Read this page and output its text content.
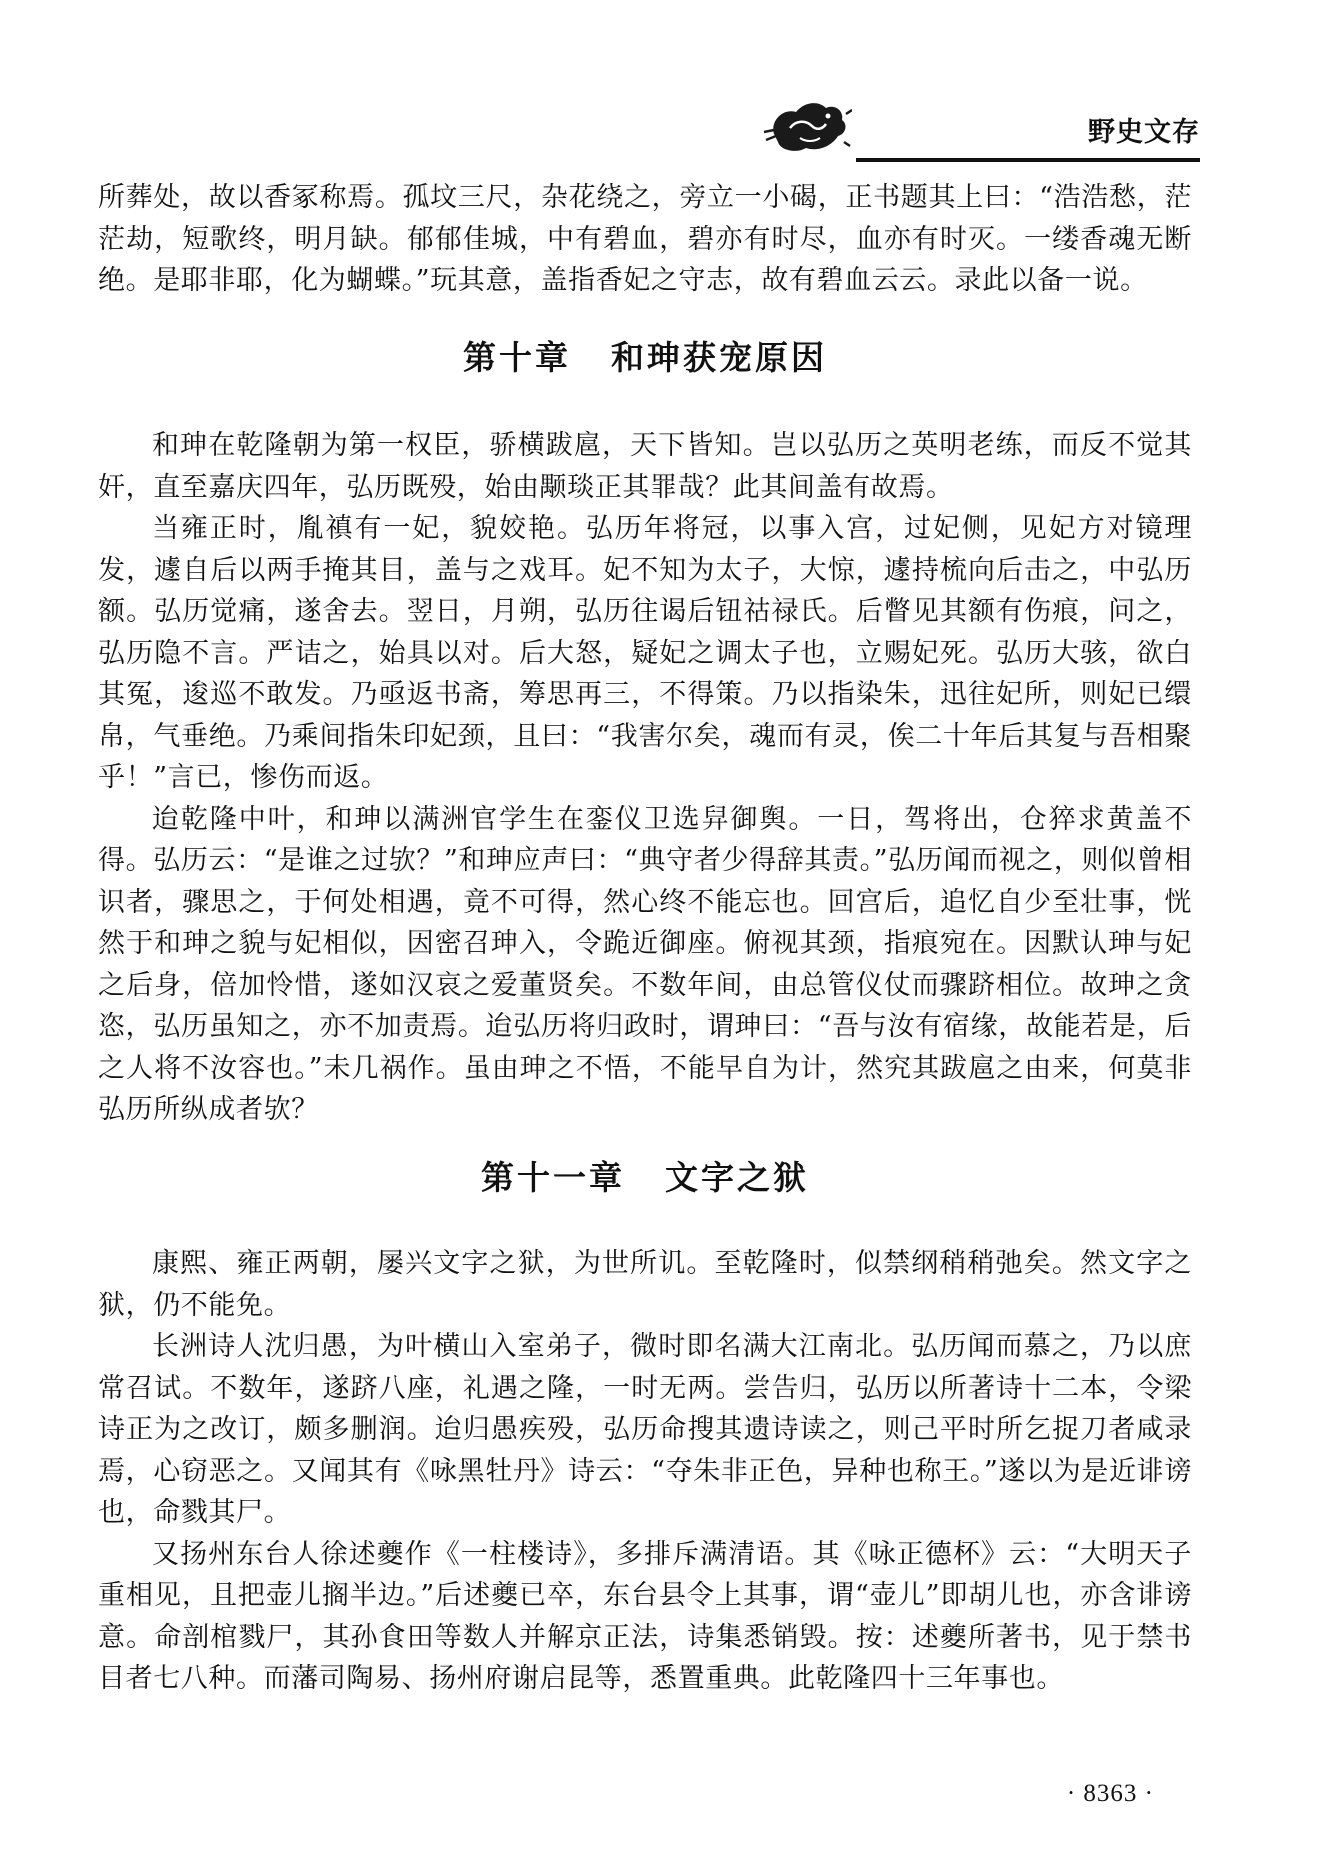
野史文存

所葬处，故以香冢称焉。孤坟三尺，杂花绕之，旁立一小碣，正书题其上曰：“浩浩愁，茫茫劫，短歌终，明月缺。郁郁佳城，中有碧血，碧亦有时尽，血亦有时灭。一缕香魂无断绝。是耶非耶，化为蝴蝶。”玩其意，盖指香妃之守志，故有碧血云云。录此以备一说。

第十章 和珅获宠原因

和珅在乾隆朝为第一权臣，骄横跋扈，天下皆知。岂以弘历之英明老练，而反不觉其奸，直至嘉庆四年，弘历既殁，始由颙琰正其罪哉？此其间盖有故焉。

当雍正时，胤禛有一妃，貌姣艳。弘历年将冠，以事入宫，过妃侧，见妃方对镜理发，遽自后以两手掩其目，盖与之戏耳。妃不知为太子，大惊，遽持梳向后击之，中弘历额。弘历觉痛，遂舍去。翌日，月朔，弘历往谒后钮祜禄氏。后瞥见其额有伤痕，问之，弘历隐不言。严诘之，始具以对。后大怒，疑妃之调太子也，立赐妃死。弘历大骇，欲白其冤，逡巡不敢发。乃亟返书斋，筹思再三，不得策。乃以指染朱，迅往妃所，则妃已缳帛，气垂绝。乃乘间指朱印妃颈，且曰：“我害尔矣，魂而有灵，俟二十年后其复与吾相聚乎！”言已，惨伤而返。

迨乾隆中叶，和珅以满洲官学生在銮仪卫选舁御舆。一日，驾将出，仓猝求黄盖不得。弘历云：“是谁之过欤？”和珅应声曰：“典守者少得辞其责。”弘历闻而视之，则似曾相识者，骤思之，于何处相遇，竟不可得，然心终不能忘也。回宫后，追忆自少至壮事，恍然于和珅之貌与妃相似，因密召珅入，令跪近御座。俯视其颈，指痕宛在。因默认珅与妃之后身，倍加怜惜，遂如汉哀之爱董贤矣。不数年间，由总管仪仗而骤跻相位。故珅之贪恣，弘历虽知之，亦不加责焉。迨弘历将归政时，谓珅曰：“吾与汝有宿缘，故能若是，后之人将不汝容也。”未几祸作。虽由珅之不悟，不能早自为计，然究其跋扈之由来，何莫非弘历所纵成者欤？

第十一章 文字之狱

康熙、雍正两朝，屡兴文字之狱，为世所讥。至乾隆时，似禁纲稍稍弛矣。然文字之狱，仍不能免。

长洲诗人沈归愚，为叶横山入室弟子，微时即名满大江南北。弘历闻而慕之，乃以庶常召试。不数年，遂跻八座，礼遇之隆，一时无两。尝告归，弘历以所著诗十二本，令梁诗正为之改订，颇多删润。迨归愚疾殁，弘历命搜其遗诗读之，则己平时所乞捉刀者咸录焉，心窃恶之。又闻其有《咏黑牡丹》诗云：“夺朱非正色，异种也称王。”遂以为是近诽谤也，命戮其尸。

又扬州东台人徐述夔作《一柱楼诗》，多排斥满清语。其《咏正德杯》云：“大明天子重相见，且把壶儿搁半边。”后述夔已卒，东台县令上其事，谓“壶儿”即胡儿也，亦含诽谤意。命剖棺戮尸，其孙食田等数人并解京正法，诗集悉销毁。按：述夔所著书，见于禁书目者七八种。而藩司陶易、扬州府谢启昆等，悉置重典。此乾隆四十三年事也。

· 8363 ·
